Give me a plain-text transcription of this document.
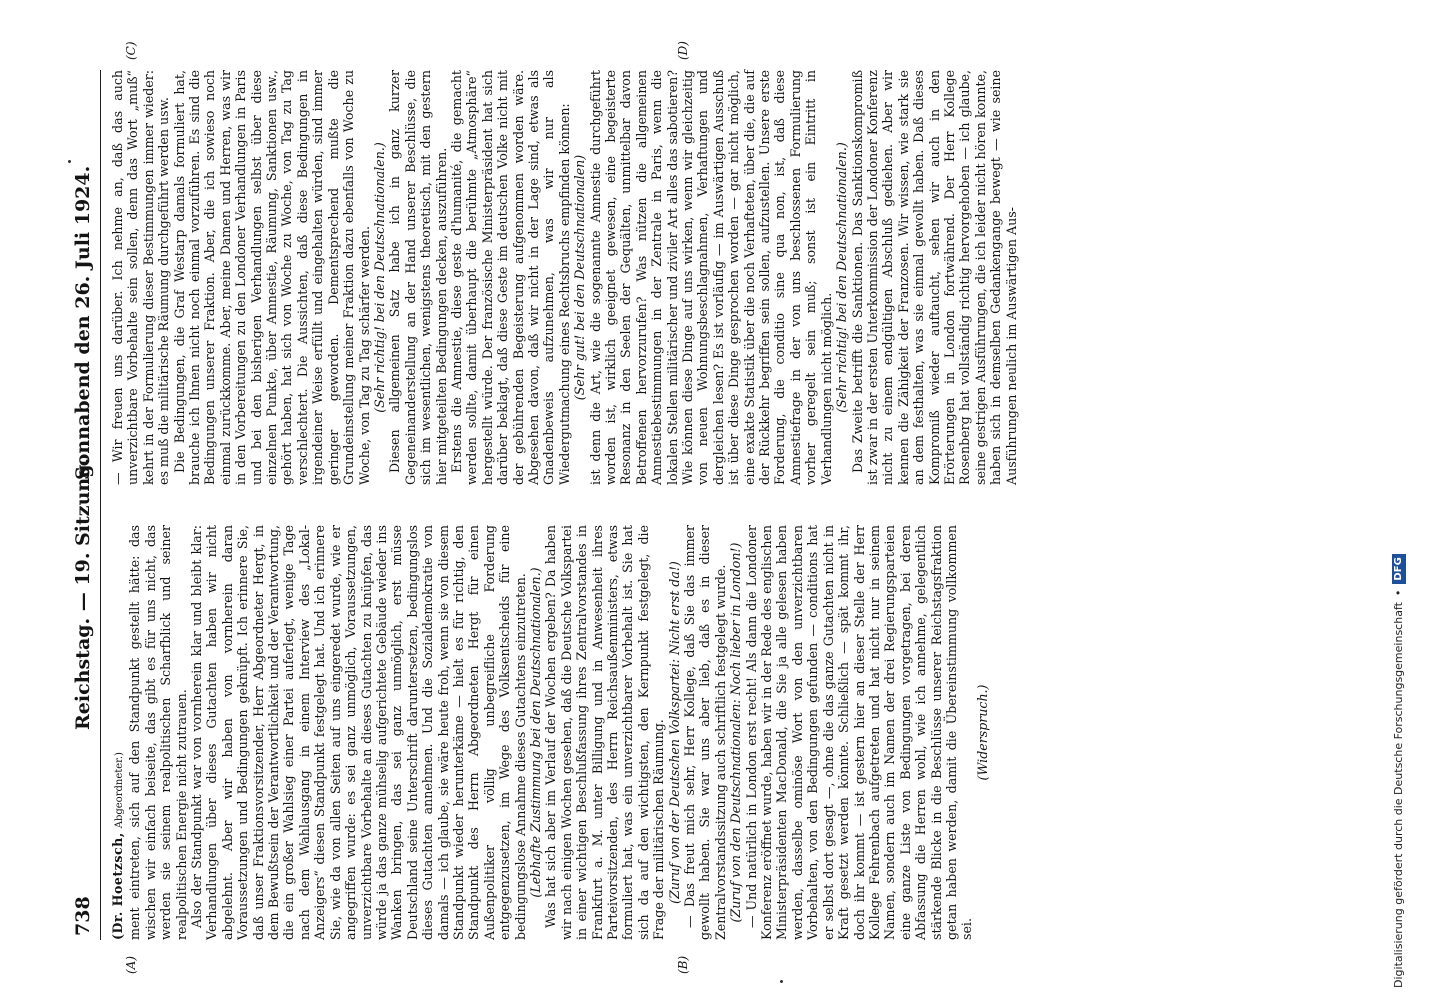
738
Reichstag. — 19. Sitzung.
Sonnabend den 26. Juli 1924.
(A)	(B)
(C)	(D)

(Dr. Hoetzsch, Abgeordneter.) ment eintreten, sich auf den Standpunkt gestellt hätte: das wischen wir einfach beiseite, das gibt es für uns nicht, das werden sie seinem realpolitischen Scharfblick und seiner realpolitischen Energie nicht zutrauen. Also der Standpunkt war von vornherein klar und bleibt klar: Verhandlungen über dieses Gutachten haben wir nicht abgelehnt. Aber wir haben von vornherein daran Voraussetzungen und Bedingungen geknüpft. Ich erinnere Sie, daß unser Fraktionsvorsitzender, Herr Abgeordneter Hergt, in dem Bewußtsein der Verantwortlichkeit und der Verantwortung, die ein großer Wahlsieg einer Partei auferlegt, wenige Tage nach dem Wahlausgang in einem Interview des „Lokal-Anzeigers“ diesen Standpunkt festgelegt hat. Und ich erinnere Sie, wie da von allen Seiten auf uns eingeredet wurde, wie er angegriffen wurde: es sei ganz unmöglich, Voraussetzungen, unverzichtbare Vorbehalte an dieses Gutachten zu knüpfen, das würde ja das ganze mühselig aufgerichtete Gebäude wieder ins Wanken bringen, das sei ganz unmöglich, erst müsse Deutschland seine Unterschrift daruntersetzen, bedingungslos dieses Gutachten annehmen. Und die Sozialdemokratie von damals — ich glaube, sie wäre heute froh, wenn sie von diesem Standpunkt wieder herunterkäme — hielt es für richtig, den Standpunkt des Herrn Abgeordneten Hergt für einen Außenpolitiker völlig unbegreifliche Forderung entgegenzusetzen, im Wege des Volksentscheids für eine bedingungslose Annahme dieses Gutachtens einzutreten. (Lebhafte Zustimmung bei den Deutschnationalen.) Was hat sich aber im Verlauf der Wochen ergeben? Da haben wir nach einigen Wochen gesehen, daß die Deutsche Volkspartei in einer wichtigen Beschlußfassung ihres Zentralvorstandes in Frankfurt a. M. unter Billigung und in Anwesenheit ihres Parteivorsitzenden, des Herrn Reichsaußenministers, etwas formuliert hat, was ein unverzichtbarer Vorbehalt ist. Sie hat sich da auf den wichtigsten, den Kernpunkt festgelegt, die Frage der militärischen Räumung. (Zuruf von der Deutschen Volkspartei: Nicht erst da!) — Das freut mich sehr, Herr Kollege, daß Sie das immer gewollt haben. Sie war uns aber lieb, daß es in dieser Zentralvorstandssitzung auch schriftlich festgelegt wurde. (Zuruf von den Deutschnationalen: Noch lieber in London!) — Und natürlich in London erst recht! Als dann die Londoner Konferenz eröffnet wurde, haben wir in der Rede des englischen Ministerpräsidenten MacDonald, die Sie ja alle gelesen haben werden, dasselbe ominöse Wort von den unverzichtbaren Vorbehalten, von den Bedingungen gefunden — conditions hat er selbst dort gesagt —, ohne die das ganze Gutachten nicht in Kraft gesetzt werden könnte. Schließlich — spät kommt ihr, doch ihr kommt — ist gestern hier an dieser Stelle der Herr Kollege Fehrenbach aufgetreten und hat nicht nur in seinem Namen, sondern auch im Namen der drei Regierungsparteien eine ganze Liste von Bedingungen vorgetragen, bei deren Abfassung die Herren wohl, wie ich annehme, gelegentlich stärkende Blicke in die Beschlüsse unserer Reichstagsfraktion getan haben werden, damit die Übereinstimmung vollkommen sei.

(Widerspruch.)

— Wir freuen uns darüber. Ich nehme an, daß das auch unverzichtbare Vorbehalte sein sollen, denn das Wort „muß“ kehrt in der Formulierung dieser Bestimmungen immer wieder: es muß die militärische Räumung durchgeführt werden usw. Die Bedingungen, die Graf Westarp damals formuliert hat, brauche ich Ihnen nicht noch einmal vorzuführen. Es sind die Bedingungen unserer Fraktion. Aber, die ich sowieso noch einmal zurückkomme. Aber, meine Damen und Herren, was wir in den Vorbereitungen zu den Londoner Verhandlungen in Paris und bei den bisherigen Verhandlungen selbst über diese einzelnen Punkte, über Amnestie, Räumung, Sanktionen usw., gehört haben, hat sich von Woche zu Woche, von Tag zu Tag verschlechtert. Die Aussichten, daß diese Bedingungen in irgendeiner Weise erfüllt und eingehalten würden, sind immer geringer geworden. Dementsprechend mußte die Grundeinstellung meiner Fraktion dazu ebenfalls von Woche zu Woche, von Tag zu Tag schärfer werden. (Sehr richtig! bei den Deutschnationalen.) Diesen allgemeinen Satz habe ich in ganz kurzer Gegeneinanderstellung an der Hand unserer Beschlüsse, die sich im wesentlichen, wenigstens theoretisch, mit den gestern hier mitgeteilten Bedingungen decken, auszuführen. Erstens die Amnestie, diese geste d'humanité, die gemacht werden sollte, damit überhaupt die berühmte „Atmosphäre“ hergestellt würde. Der französische Ministerpräsident hat sich darüber beklagt, daß diese Geste im deutschen Volke nicht mit der gebührenden Begeisterung aufgenommen worden wäre. Abgesehen davon, daß wir nicht in der Lage sind, etwas als Gnadenbeweis aufzunehmen, was wir nur als Wiedergutmachung eines Rechtsbruchs empfinden können: (Sehr gut! bei den Deutschnationalen) ist denn die Art, wie die sogenannte Amnestie durchgeführt worden ist, wirklich geeignet gewesen, eine begeisterte Resonanz in den Seelen der Gequälten, unmittelbar davon Betroffenen hervorzurufen? Was nützen die allgemeinen Amnestiebestimmungen in der Zentrale in Paris, wenn die lokalen Stellen militärischer und ziviler Art alles das sabotieren? Wie können diese Dinge auf uns wirken, wenn wir gleichzeitig von neuen Wohnungsbeschlagnahmen, Verhaftungen und dergleichen lesen? Es ist vorläufig — im Auswärtigen Ausschuß ist über diese Dinge gesprochen worden — gar nicht möglich, eine exakte Statistik über die noch Verhafteten, über die, die auf der Rückkehr begriffen sein sollen, aufzustellen. Unsere erste Forderung, die conditio sine qua non, ist, daß diese Amnestiefrage in der von uns beschlossenen Formulierung vorher geregelt sein muß; sonst ist ein Eintritt in Verhandlungen nicht möglich. (Sehr richtig! bei den Deutschnationalen.) Das Zweite betrifft die Sanktionen. Das Sanktionskompromiß ist zwar in der ersten Unterkommission der Londoner Konferenz nicht zu einem endgültigen Abschluß gediehen. Aber wir kennen die Zähigkeit der Franzosen. Wir wissen, wie stark sie an dem festhalten, was sie einmal gewollt haben. Daß dieses Kompromiß wieder auftaucht, sehen wir auch in den Erörterungen in London fortwährend. Der Herr Kollege Rosenberg hat vollständig richtig hervorgehoben — ich glaube, seine gestrigen Ausführungen, die ich leider nicht hören konnte, haben sich in demselben Gedankengange bewegt — wie seine Ausführungen neulich im Auswärtigen Aus-

Digitalisierung gefördert durch die Deutsche Forschungsgemeinschaft
•
DFG
